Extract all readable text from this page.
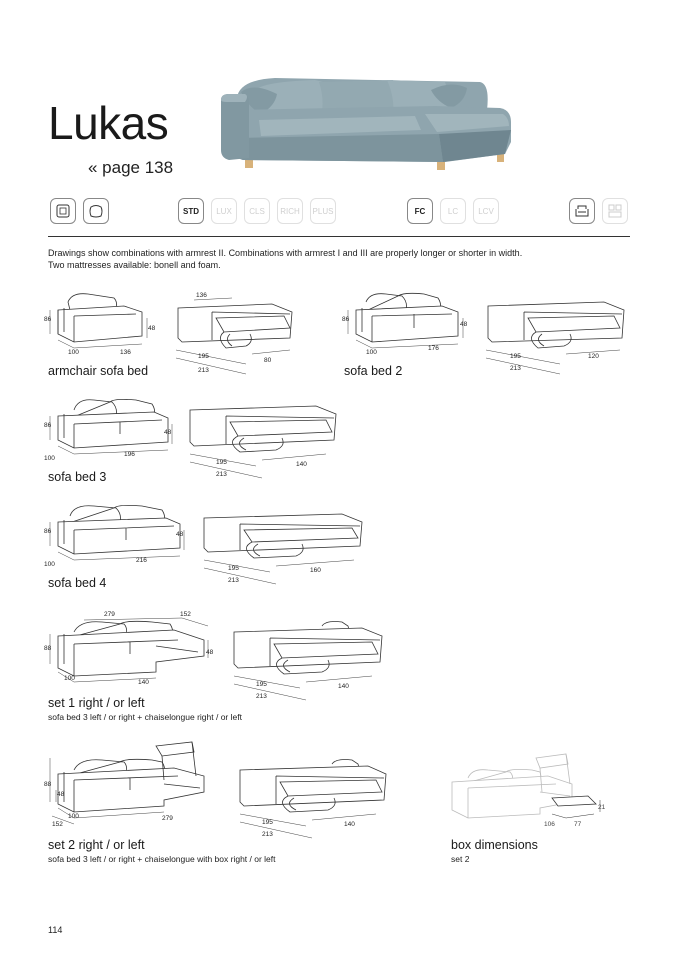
Lukas
« page 138
STD LUX CLS RICH PLUS	FC	LC	LCV
Drawings show combinations with armrest II. Combinations with armrest I and III are properly longer or shorter in width.
Two mattresses available: bonell and foam.
86
48
100	136
136
195
80
213
armchair sofa bed
86
48
100
176
195	120
213
sofa bed 2
86
48
100
196
195	140
213
sofa bed 3
86	48
100
216
195	160
213
sofa bed 4
279	152
88
48
100
140	195	140
213
set 1 right / or left
sofa bed 3 left / or right + chaiselongue right / or left
88
48
100
152
279
195	140
213
set 2 right / or left
sofa bed 3 left / or right + chaiselongue with box right / or left
21
106	77
box dimensions
set 2
114
